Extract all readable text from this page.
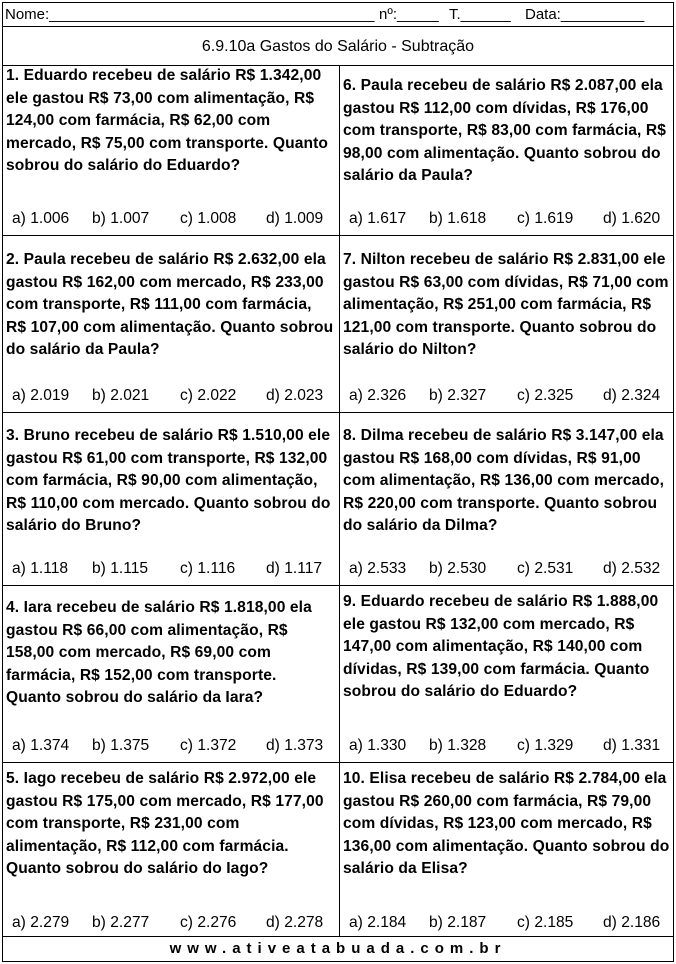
Nome:_______________________________________ nº:_____ T.______ Data:__________
6.9.10a Gastos do Salário - Subtração
1. Eduardo recebeu de salário R$ 1.342,00 ele gastou R$ 73,00 com alimentação, R$ 124,00 com farmácia, R$ 62,00 com mercado, R$ 75,00 com transporte. Quanto sobrou do salário do Eduardo?
a) 1.006 b) 1.007 c) 1.008 d) 1.009
2. Paula recebeu de salário R$ 2.632,00 ela gastou R$ 162,00 com mercado, R$ 233,00 com transporte, R$ 111,00 com farmácia, R$ 107,00 com alimentação. Quanto sobrou do salário da Paula?
a) 2.019 b) 2.021 c) 2.022 d) 2.023
3. Bruno recebeu de salário R$ 1.510,00 ele gastou R$ 61,00 com transporte, R$ 132,00 com farmácia, R$ 90,00 com alimentação, R$ 110,00 com mercado. Quanto sobrou do salário do Bruno?
a) 1.118 b) 1.115 c) 1.116 d) 1.117
4. Iara recebeu de salário R$ 1.818,00 ela gastou R$ 66,00 com alimentação, R$ 158,00 com mercado, R$ 69,00 com farmácia, R$ 152,00 com transporte. Quanto sobrou do salário da Iara?
a) 1.374 b) 1.375 c) 1.372 d) 1.373
5. Iago recebeu de salário R$ 2.972,00 ele gastou R$ 175,00 com mercado, R$ 177,00 com transporte, R$ 231,00 com alimentação, R$ 112,00 com farmácia. Quanto sobrou do salário do Iago?
a) 2.279 b) 2.277 c) 2.276 d) 2.278
6. Paula recebeu de salário R$ 2.087,00 ela gastou R$ 112,00 com dívidas, R$ 176,00 com transporte, R$ 83,00 com farmácia, R$ 98,00 com alimentação. Quanto sobrou do salário da Paula?
a) 1.617 b) 1.618 c) 1.619 d) 1.620
7. Nilton recebeu de salário R$ 2.831,00 ele gastou R$ 63,00 com dívidas, R$ 71,00 com alimentação, R$ 251,00 com farmácia, R$ 121,00 com transporte. Quanto sobrou do salário do Nilton?
a) 2.326 b) 2.327 c) 2.325 d) 2.324
8. Dilma recebeu de salário R$ 3.147,00 ela gastou R$ 168,00 com dívidas, R$ 91,00 com alimentação, R$ 136,00 com mercado, R$ 220,00 com transporte. Quanto sobrou do salário da Dilma?
a) 2.533 b) 2.530 c) 2.531 d) 2.532
9. Eduardo recebeu de salário R$ 1.888,00 ele gastou R$ 132,00 com mercado, R$ 147,00 com alimentação, R$ 140,00 com dívidas, R$ 139,00 com farmácia. Quanto sobrou do salário do Eduardo?
a) 1.330 b) 1.328 c) 1.329 d) 1.331
10. Elisa recebeu de salário R$ 2.784,00 ela gastou R$ 260,00 com farmácia, R$ 79,00 com dívidas, R$ 123,00 com mercado, R$ 136,00 com alimentação. Quanto sobrou do salário da Elisa?
a) 2.184 b) 2.187 c) 2.185 d) 2.186
www.ativeatabuada.com.br
